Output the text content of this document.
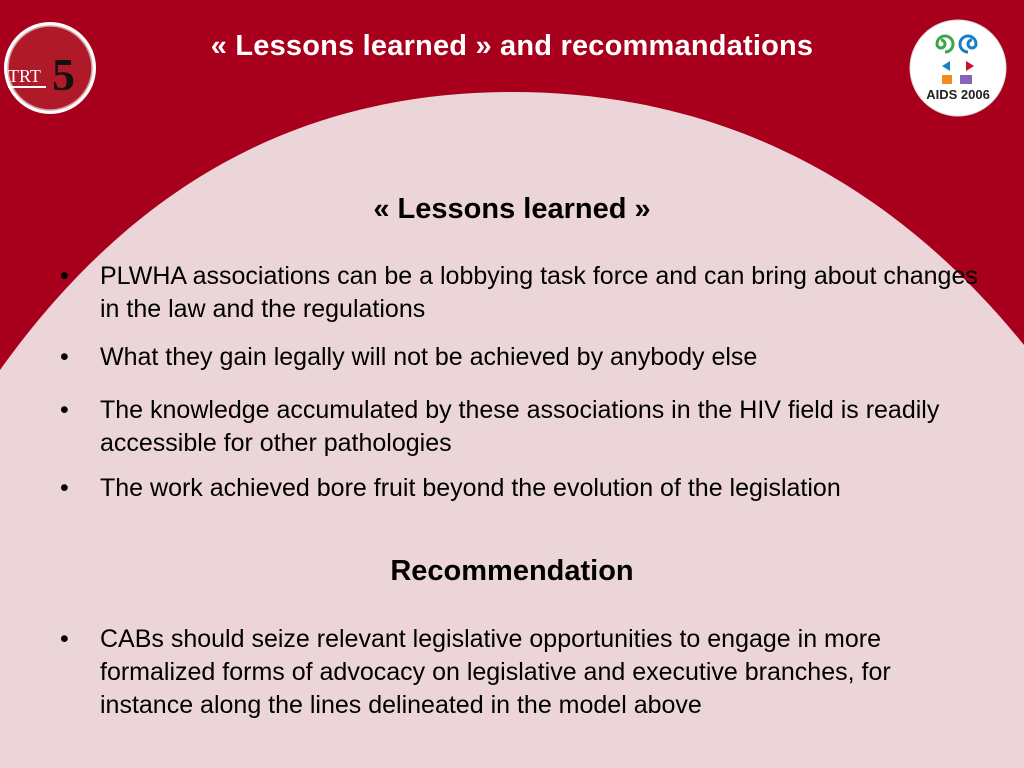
TRT 5
« Lessons learned » and recommandations
AIDS 2006
« Lessons learned »
• PLWHA associations can be a lobbying task force and can bring about changes in the law and the regulations
• What they gain legally will not be achieved by anybody else
• The knowledge accumulated by these associations in the HIV field is readily accessible for other pathologies
• The work achieved bore fruit beyond the evolution of the legislation
Recommendation
• CABs should seize relevant legislative opportunities to engage in more formalized forms of advocacy on legislative and executive branches, for instance along the lines delineated in the model above
